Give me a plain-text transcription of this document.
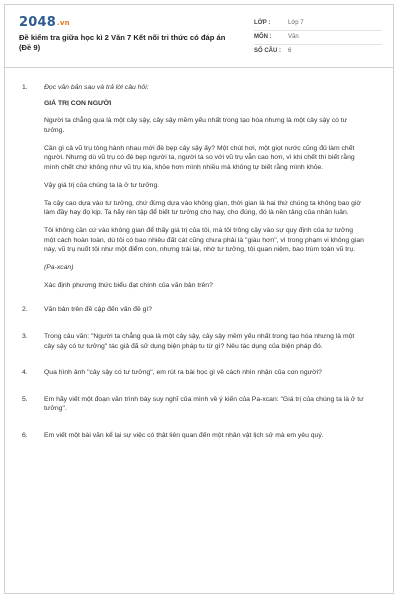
2048.vn
Đề kiểm tra giữa học kì 2 Văn 7 Kết nối tri thức có đáp án (Đề 9)
LỚP :	Lớp 7
MÔN :	Văn
SỐ CÂU :	6
1. Đọc văn bản sau và trả lời câu hỏi:
GIÁ TRỊ CON NGƯỜI

Người ta chẳng qua là một cây sậy, cây sậy mềm yếu nhất trong tạo hóa nhưng là một cây sậy có tư tưởng.

Cần gì cả vũ trụ tòng hành nhau mới đè bẹp cây sậy ấy? Một chút hơi, một giọt nước cũng đủ làm chết người. Nhưng dù vũ trụ có đè bẹp người ta, người ta so với vũ trụ vẫn cao hơn, vì khi chết thì biết rằng mình chết chứ không như vũ trụ kia, khỏe hơn mình nhiều mà không tự biết rằng mình khỏe.

Vậy giá trị của chúng ta là ở tư tưởng.

Ta cậy cao dựa vào tư tưởng, chứ đừng dựa vào không gian, thời gian là hai thứ chúng ta không bao giờ làm đầy hay đọ kịp. Ta hãy rèn tập để biết tư tưởng cho hay, cho đúng, đó là nền tảng của nhân luân.

Tôi không cần cứ vào không gian để thấy giá trị của tôi, mà tôi trông cậy vào sự quy định của tư tưởng một cách hoàn toàn, dù tôi có bao nhiêu đất cát cũng chưa phải là "giàu hơn", vì trong phạm vi không gian này, vũ trụ nuốt tôi như một điểm con, nhưng trái lại, nhờ tư tưởng, tôi quan niệm, bao trùm toàn vũ trụ.

(Pa-xcan)

Xác định phương thức biểu đạt chính của văn bản trên?

2. Văn bản trên đề cập đến vấn đề gì?
3. Trong câu văn: "Người ta chẳng qua là một cây sậy, cây sậy mềm yếu nhất trong tạo hóa nhưng là một cây sậy có tư tưởng" tác giả đã sử dụng biện pháp tu từ gì? Nêu tác dụng của biện pháp đó.
4. Qua hình ảnh "cây sậy có tư tưởng", em rút ra bài học gì về cách nhìn nhận của con người?
5. Em hãy viết một đoạn văn trình bày suy nghĩ của mình về ý kiến của Pa-xcan: "Giá trị của chúng ta là ở tư tưởng".
6. Em viết một bài văn kể lại sự việc có thật liên quan đến một nhân vật lịch sử mà em yêu quý.
